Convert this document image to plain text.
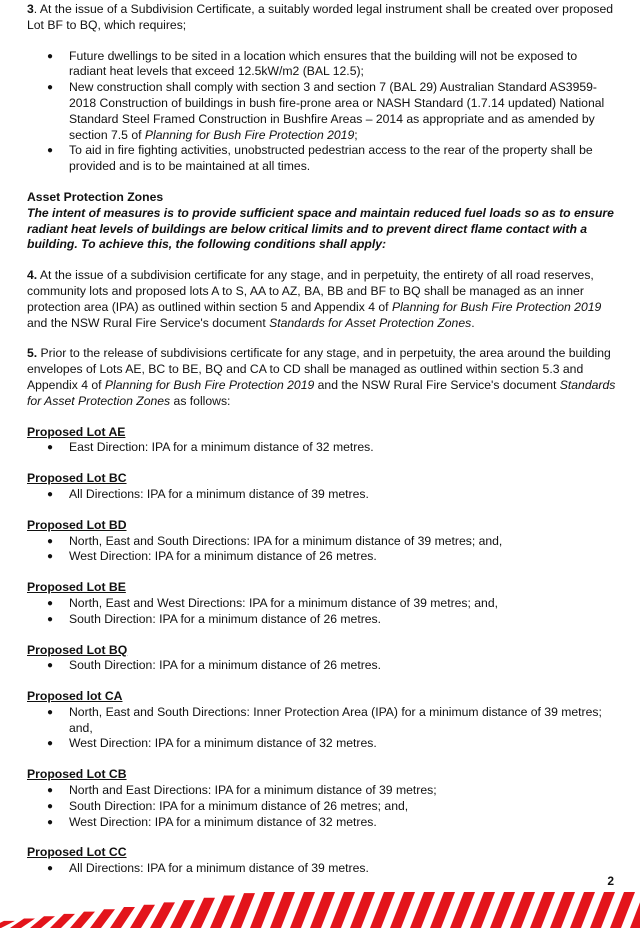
3. At the issue of a Subdivision Certificate, a suitably worded legal instrument shall be created over proposed Lot BF to BQ, which requires;

● Future dwellings to be sited in a location which ensures that the building will not be exposed to radiant heat levels that exceed 12.5kW/m2 (BAL 12.5);
● New construction shall comply with section 3 and section 7 (BAL 29) Australian Standard AS3959-2018 Construction of buildings in bush fire-prone area or NASH Standard (1.7.14 updated) National Standard Steel Framed Construction in Bushfire Areas – 2014 as appropriate and as amended by section 7.5 of Planning for Bush Fire Protection 2019;
● To aid in fire fighting activities, unobstructed pedestrian access to the rear of the property shall be provided and is to be maintained at all times.

Asset Protection Zones

The intent of measures is to provide sufficient space and maintain reduced fuel loads so as to ensure radiant heat levels of buildings are below critical limits and to prevent direct flame contact with a building. To achieve this, the following conditions shall apply:

4. At the issue of a subdivision certificate for any stage, and in perpetuity, the entirety of all road reserves, community lots and proposed lots A to S, AA to AZ, BA, BB and BF to BQ shall be managed as an inner protection area (IPA) as outlined within section 5 and Appendix 4 of Planning for Bush Fire Protection 2019 and the NSW Rural Fire Service's document Standards for Asset Protection Zones.

5. Prior to the release of subdivisions certificate for any stage, and in perpetuity, the area around the building envelopes of Lots AE, BC to BE, BQ and CA to CD shall be managed as outlined within section 5.3 and Appendix 4 of Planning for Bush Fire Protection 2019 and the NSW Rural Fire Service's document Standards for Asset Protection Zones as follows:

Proposed Lot AE

● East Direction: IPA for a minimum distance of 32 metres.

Proposed Lot BC

● All Directions: IPA for a minimum distance of 39 metres.

Proposed Lot BD

● North, East and South Directions: IPA for a minimum distance of 39 metres; and,
● West Direction: IPA for a minimum distance of 26 metres.

Proposed Lot BE

● North, East and West Directions: IPA for a minimum distance of 39 metres; and,
● South Direction: IPA for a minimum distance of 26 metres.

Proposed Lot BQ

● South Direction: IPA for a minimum distance of 26 metres.

Proposed lot CA

● North, East and South Directions: Inner Protection Area (IPA) for a minimum distance of 39 metres; and,
● West Direction: IPA for a minimum distance of 32 metres.

Proposed Lot CB

● North and East Directions: IPA for a minimum distance of 39 metres;
● South Direction: IPA for a minimum distance of 26 metres; and,
● West Direction: IPA for a minimum distance of 32 metres.

Proposed Lot CC

● All Directions: IPA for a minimum distance of 39 metres.
2
